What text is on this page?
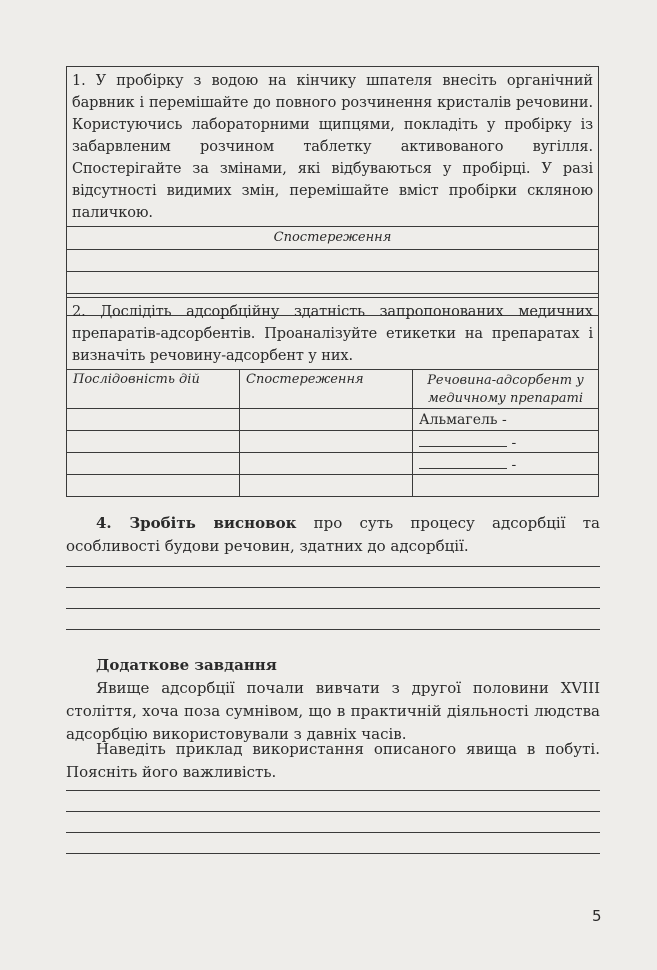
1. У пробірку з водою на кінчику шпателя внесіть органічний барвник і перемішайте до повного розчинення кристалів речовини. Користуючись лабораторними щипцями, покладіть у пробірку із забарвленим розчином таблетку активованого вугілля. Спостерігайте за змінами, які відбуваються у пробірці. У разі відсутності видимих змін, перемішайте вміст пробірки скляною паличкою.
Спостереження
2. Дослідіть адсорбційну здатність запропонованих медичних препаратів-адсорбентів. Проаналізуйте етикетки на препаратах і визначіть речовину-адсорбент у них.
Послідовність дій	Спостереження	Речовина-адсорбент у медичному препараті
		Альмагель -
		-
		-

4. Зробіть висновок про суть процесу адсорбції та особливості будови речовин, здатних до адсорбції.
Додаткове завдання
Явище адсорбції почали вивчати з другої половини XVIII століття, хоча поза сумнівом, що в практичній діяльності людства адсорбцію використовували з давніх часів.
Наведіть приклад використання описаного явища в побуті. Поясніть його важливість.
5
